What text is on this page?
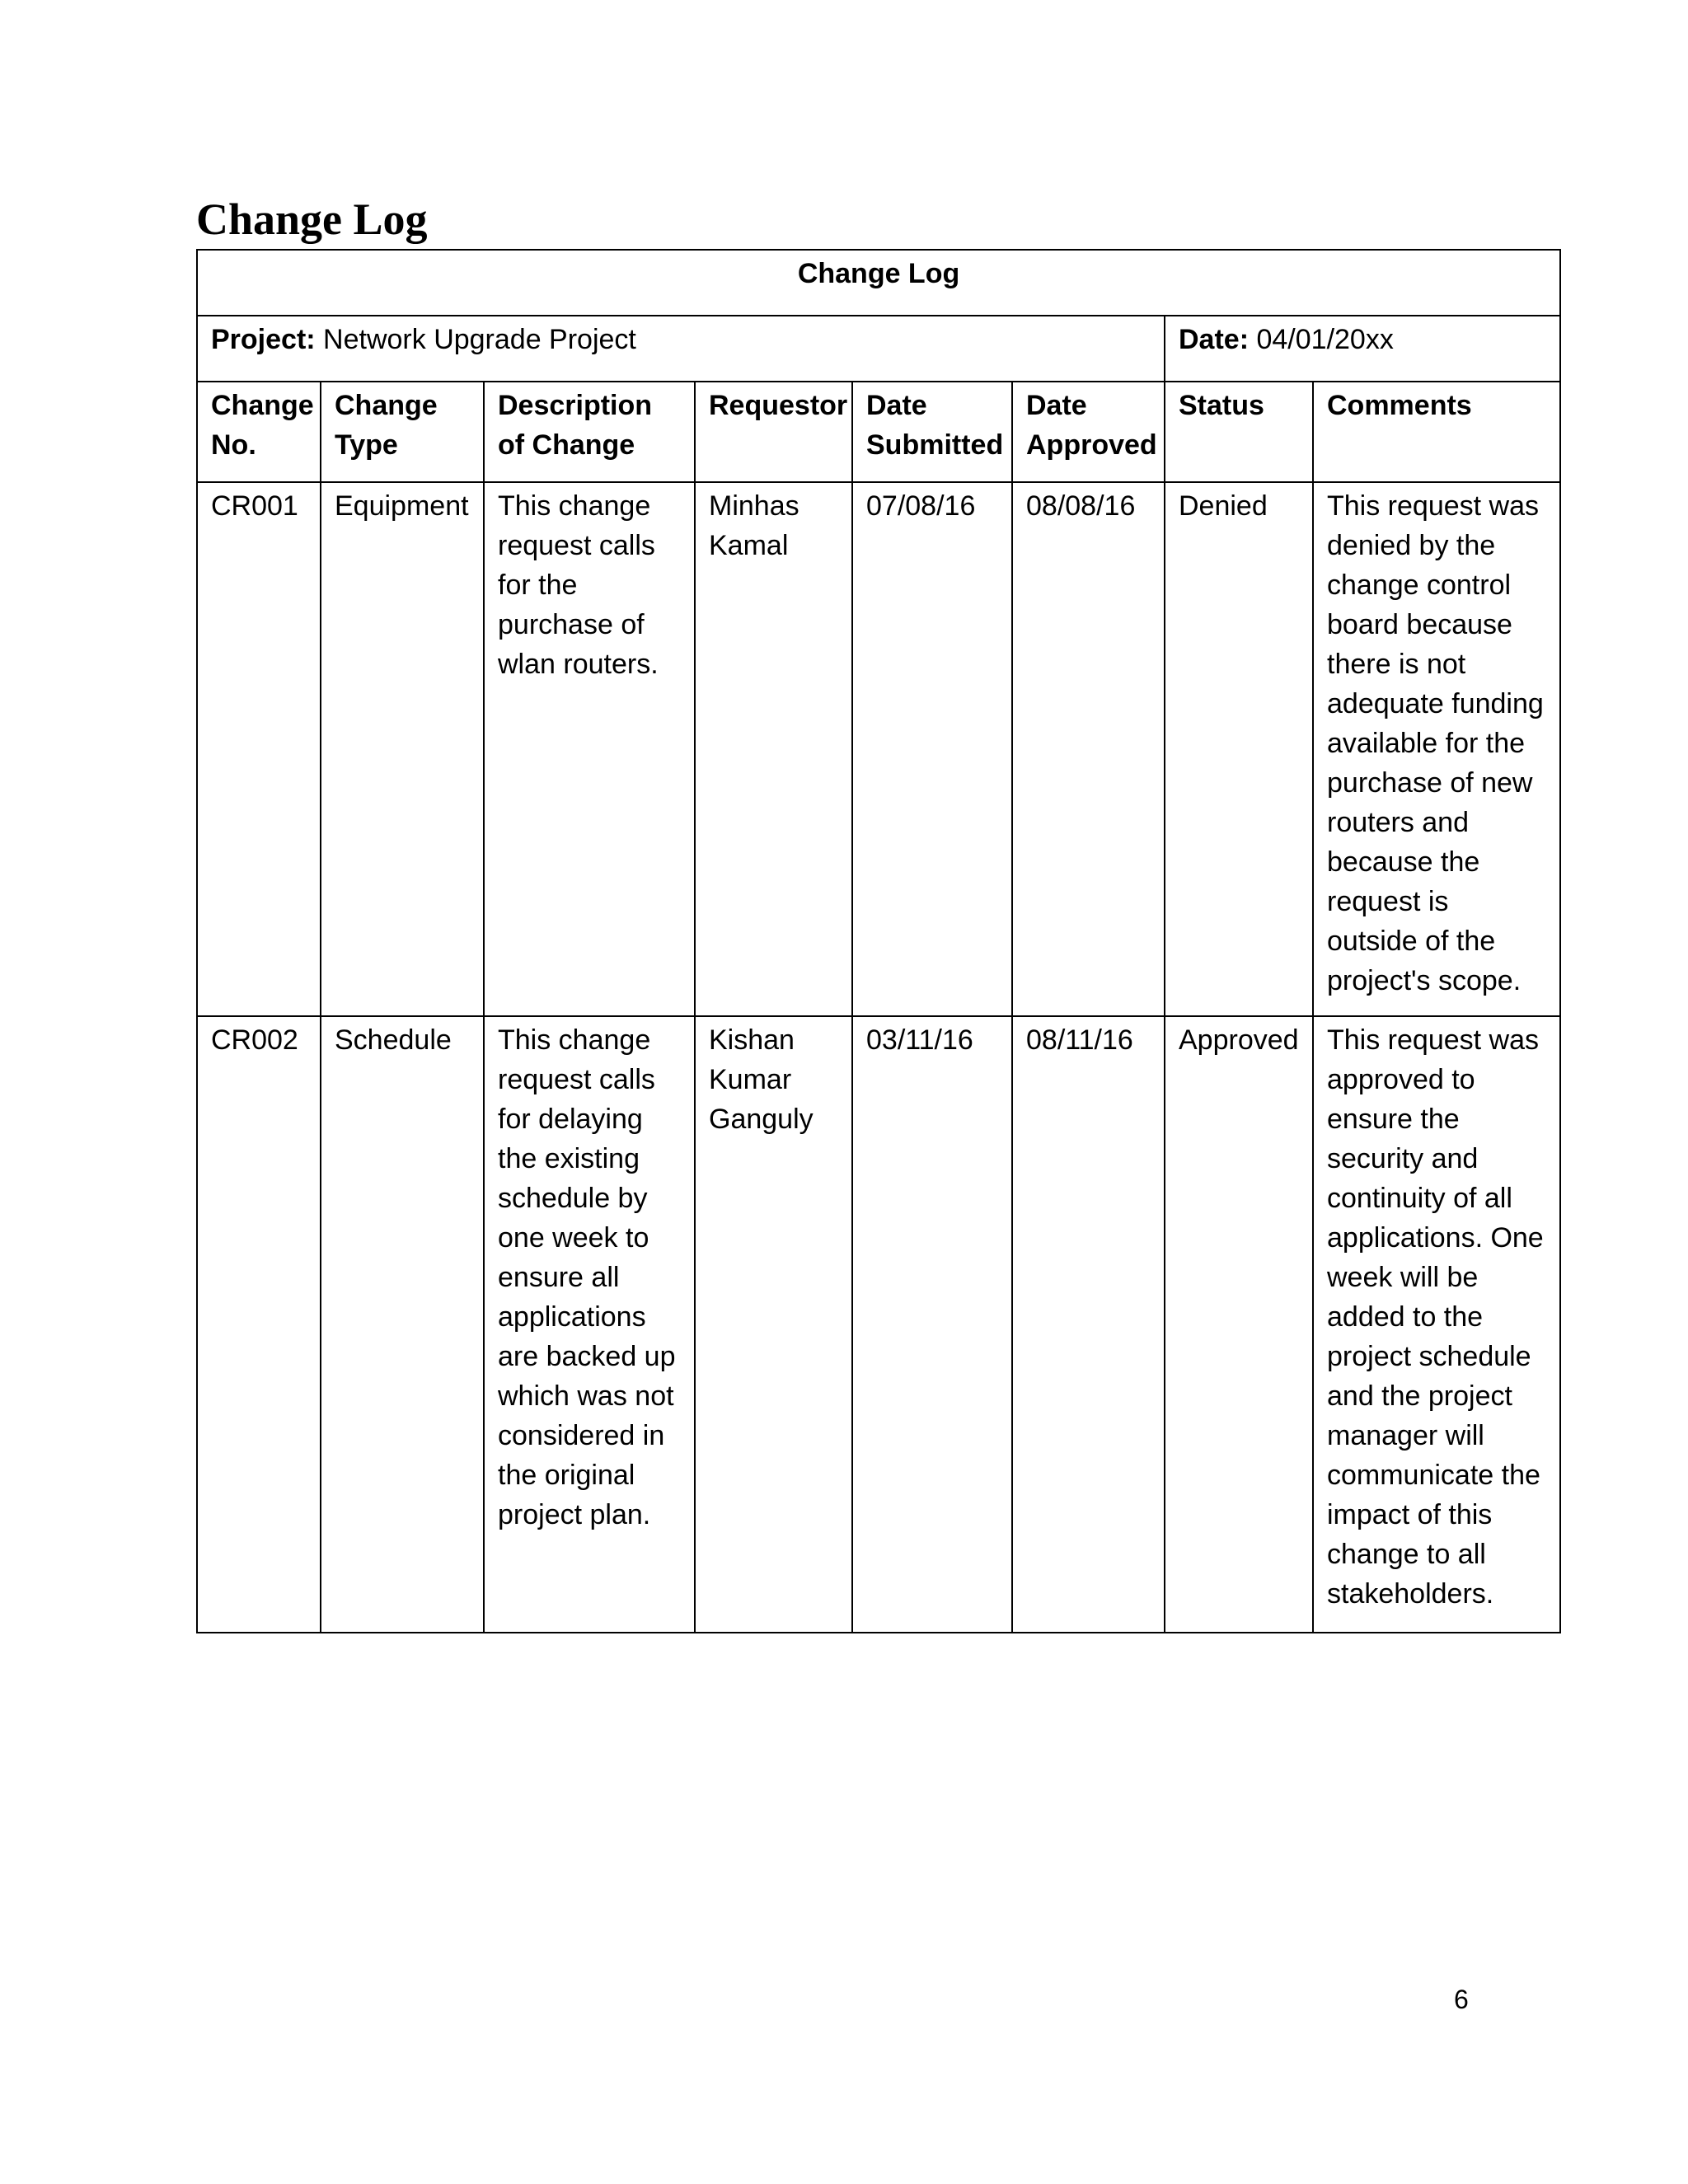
Change Log
Change Log							
Project: Network Upgrade Project						Date: 04/01/20xx	
Change No.	Change Type	Description of Change	Requestor	Date Submitted	Date Approved	Status	Comments
CR001	Equipment	This change request calls for the purchase of wlan routers.	Minhas Kamal	07/08/16	08/08/16	Denied	This request was denied by the change control board because there is not adequate funding available for the purchase of new routers and because the request is outside of the project's scope.
CR002	Schedule	This change request calls for delaying the existing schedule by one week to ensure all applications are backed up which was not considered in the original project plan.	Kishan Kumar Ganguly	03/11/16	08/11/16	Approved	This request was approved to ensure the security and continuity of all applications. One week will be added to the project schedule and the project manager will communicate the impact of this change to all stakeholders.
6
